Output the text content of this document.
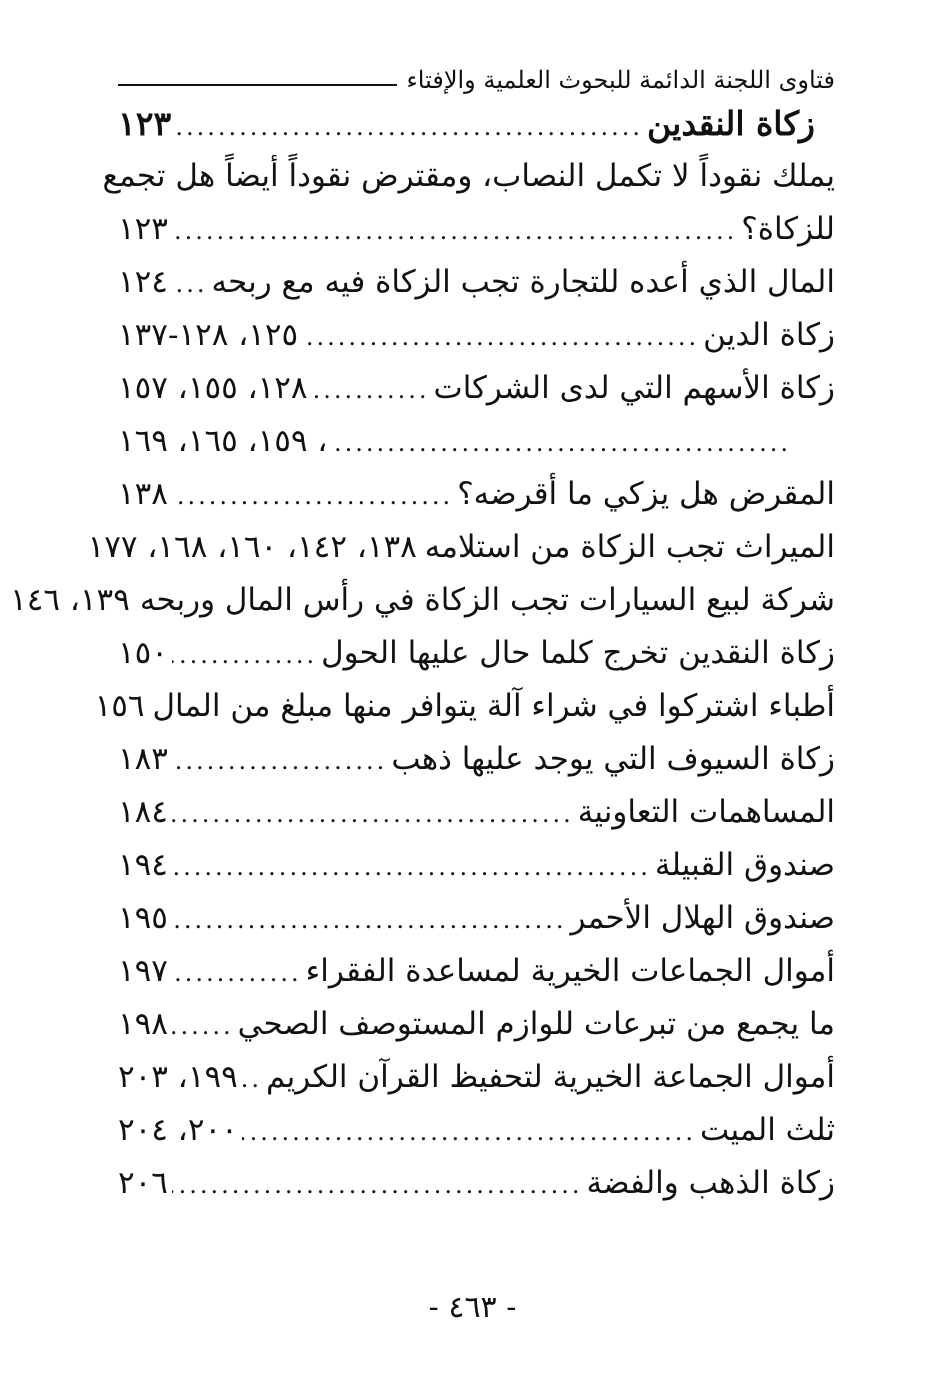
فتاوى اللجنة الدائمة للبحوث العلمية والإفتاء
زكاة النقدين
.....
١٢٣
يملك نقوداً لا تكمل النصاب، ومقترض نقوداً أيضاً هل تجمع
للزكاة؟
.....
١٢٣
المال الذي أعده للتجارة تجب الزكاة فيه مع ربحه
.....
١٢٤
زكاة الدين
.....
١٢٥، ١٢٨-١٣٧
زكاة الأسهم التي لدى الشركات
.....
١٢٨، ١٥٥، ١٥٧
.....
، ١٥٩، ١٦٥، ١٦٩
المقرض هل يزكي ما أقرضه؟
.....
١٣٨
الميراث تجب الزكاة من استلامه
١٣٨، ١٤٢، ١٦٠، ١٦٨، ١٧٧
شركة لبيع السيارات تجب الزكاة في رأس المال وربحه
١٣٩، ١٤٦
زكاة النقدين تخرج كلما حال عليها الحول
.....
١٥٠
أطباء اشتركوا في شراء آلة يتوافر منها مبلغ من المال
١٥٦
زكاة السيوف التي يوجد عليها ذهب
.....
١٨٣
المساهمات التعاونية
.....
١٨٤
صندوق القبيلة
.....
١٩٤
صندوق الهلال الأحمر
.....
١٩٥
أموال الجماعات الخيرية لمساعدة الفقراء
.....
١٩٧
ما يجمع من تبرعات للوازم المستوصف الصحي
.....
١٩٨
أموال الجماعة الخيرية لتحفيظ القرآن الكريم
.....
١٩٩، ٢٠٣
ثلث الميت
.....
٢٠٠، ٢٠٤
زكاة الذهب والفضة
.....
٢٠٦
- ٤٦٣ -
